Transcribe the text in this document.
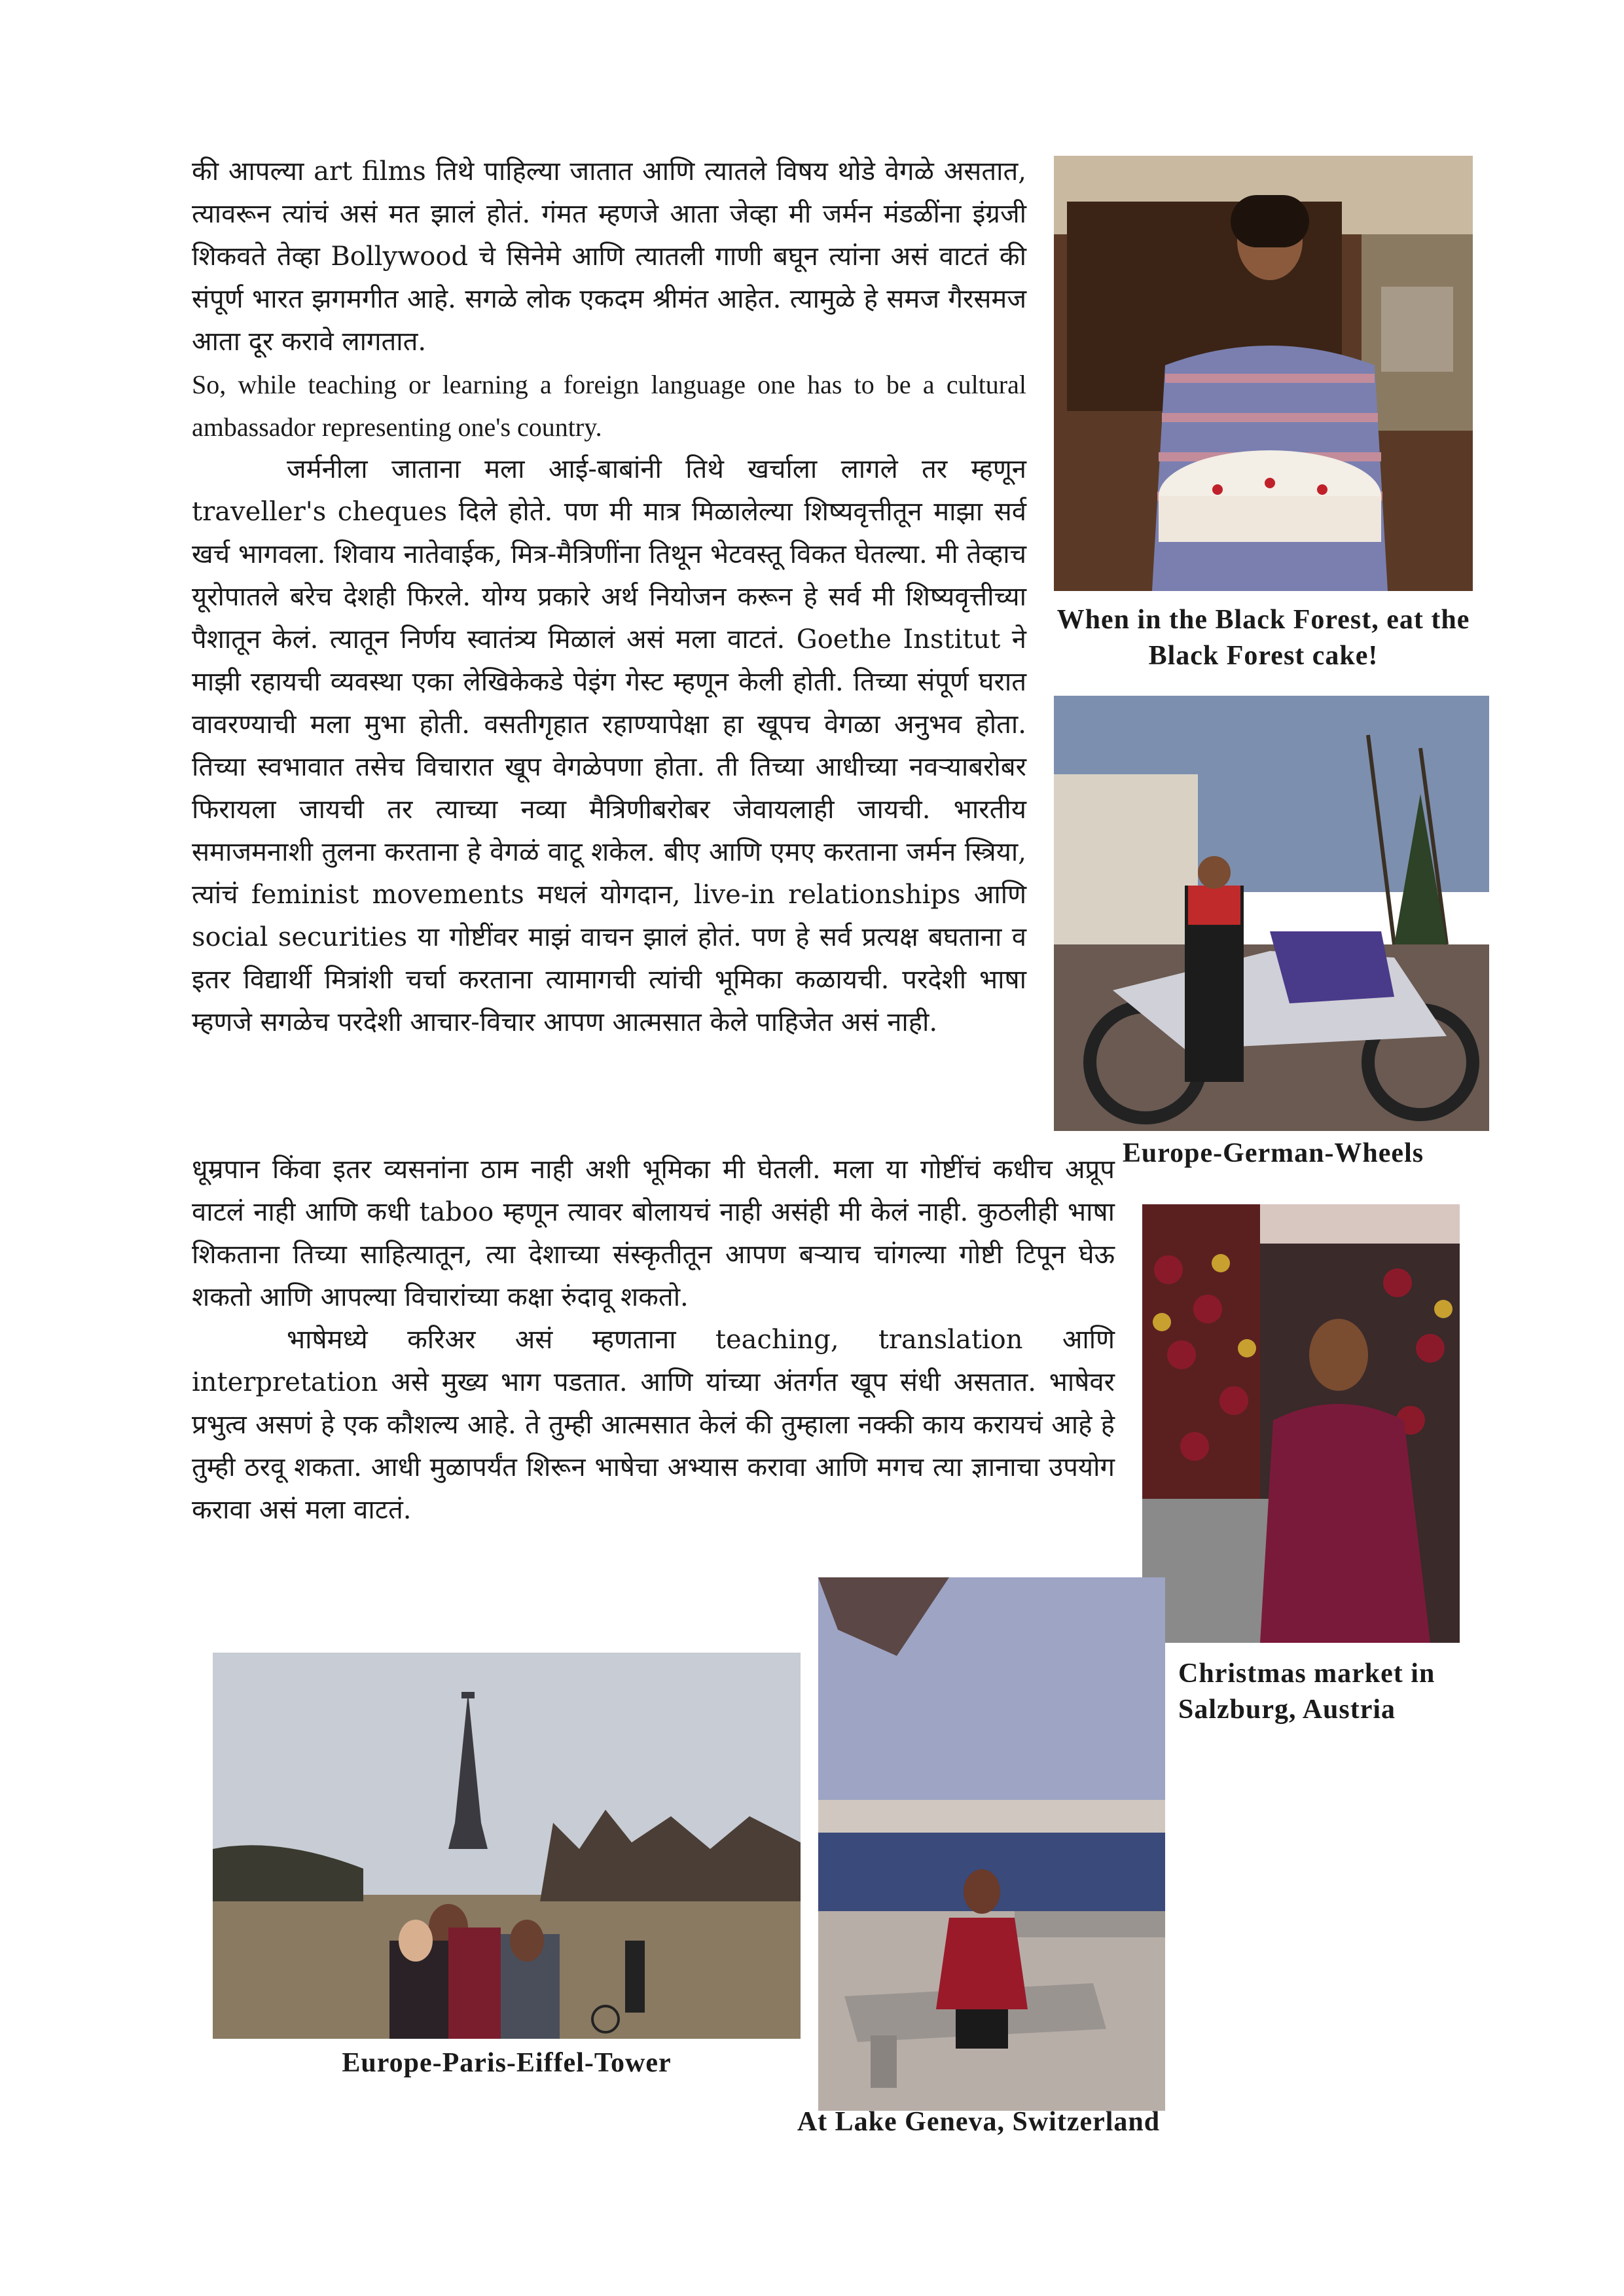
की आपल्या art films तिथे पाहिल्या जातात आणि त्यातले विषय थोडे वेगळे असतात, त्यावरून त्यांचं असं मत झालं होतं. गंमत म्हणजे आता जेव्हा मी जर्मन मंडळींना इंग्रजी शिकवते तेव्हा Bollywood चे सिनेमे आणि त्यातली गाणी बघून त्यांना असं वाटतं की संपूर्ण भारत झगमगीत आहे. सगळे लोक एकदम श्रीमंत आहेत. त्यामुळे हे समज गैरसमज आता दूर करावे लागतात.

So, while teaching or learning a foreign language one has to be a cultural ambassador representing one's country.

जर्मनीला जाताना मला आई-बाबांनी तिथे खर्चाला लागले तर म्हणून traveller's cheques दिले होते. पण मी मात्र मिळालेल्या शिष्यवृत्तीतून माझा सर्व खर्च भागवला. शिवाय नातेवाईक, मित्र-मैत्रिणींना तिथून भेटवस्तू विकत घेतल्या. मी तेव्हाच यूरोपातले बरेच देशही फिरले. योग्य प्रकारे अर्थ नियोजन करून हे सर्व मी शिष्यवृत्तीच्या पैशातून केलं. त्यातून निर्णय स्वातंत्र्य मिळालं असं मला वाटतं. Goethe Institut ने माझी रहायची व्यवस्था एका लेखिकेकडे पेइंग गेस्ट म्हणून केली होती. तिच्या संपूर्ण घरात वावरण्याची मला मुभा होती. वसतीगृहात रहाण्यापेक्षा हा खूपच वेगळा अनुभव होता. तिच्या स्वभावात तसेच विचारात खूप वेगळेपणा होता. ती तिच्या आधीच्या नवऱ्याबरोबर फिरायला जायची तर त्याच्या नव्या मैत्रिणीबरोबर जेवायलाही जायची. भारतीय समाजमनाशी तुलना करताना हे वेगळं वाटू शकेल. बीए आणि एमए करताना जर्मन स्त्रिया, त्यांचं feminist movements मधलं योगदान, live-in relationships आणि social securities या गोष्टींवर माझं वाचन झालं होतं. पण हे सर्व प्रत्यक्ष बघताना व इतर विद्यार्थी मित्रांशी चर्चा करताना त्यामागची त्यांची भूमिका कळायची. परदेशी भाषा म्हणजे सगळेच परदेशी आचार-विचार आपण आत्मसात केले पाहिजेत असं नाही.

धूम्रपान किंवा इतर व्यसनांना ठाम नाही अशी भूमिका मी घेतली. मला या गोष्टींचं कधीच अप्रूप वाटलं नाही आणि कधी taboo म्हणून त्यावर बोलायचं नाही असंही मी केलं नाही. कुठलीही भाषा शिकताना तिच्या साहित्यातून, त्या देशाच्या संस्कृतीतून आपण बऱ्याच चांगल्या गोष्टी टिपून घेऊ शकतो आणि आपल्या विचारांच्या कक्षा रुंदावू शकतो.

भाषेमध्ये करिअर असं म्हणताना teaching, translation आणि interpretation असे मुख्य भाग पडतात. आणि यांच्या अंतर्गत खूप संधी असतात. भाषेवर प्रभुत्व असणं हे एक कौशल्य आहे. ते तुम्ही आत्मसात केलं की तुम्हाला नक्की काय करायचं आहे हे तुम्ही ठरवू शकता. आधी मुळापर्यंत शिरून भाषेचा अभ्यास करावा आणि मगच त्या ज्ञानाचा उपयोग करावा असं मला वाटतं.

When in the Black Forest, eat the Black Forest cake!
Europe-German-Wheels
Christmas market in Salzburg, Austria
Europe-Paris-Eiffel-Tower
At Lake Geneva, Switzerland
